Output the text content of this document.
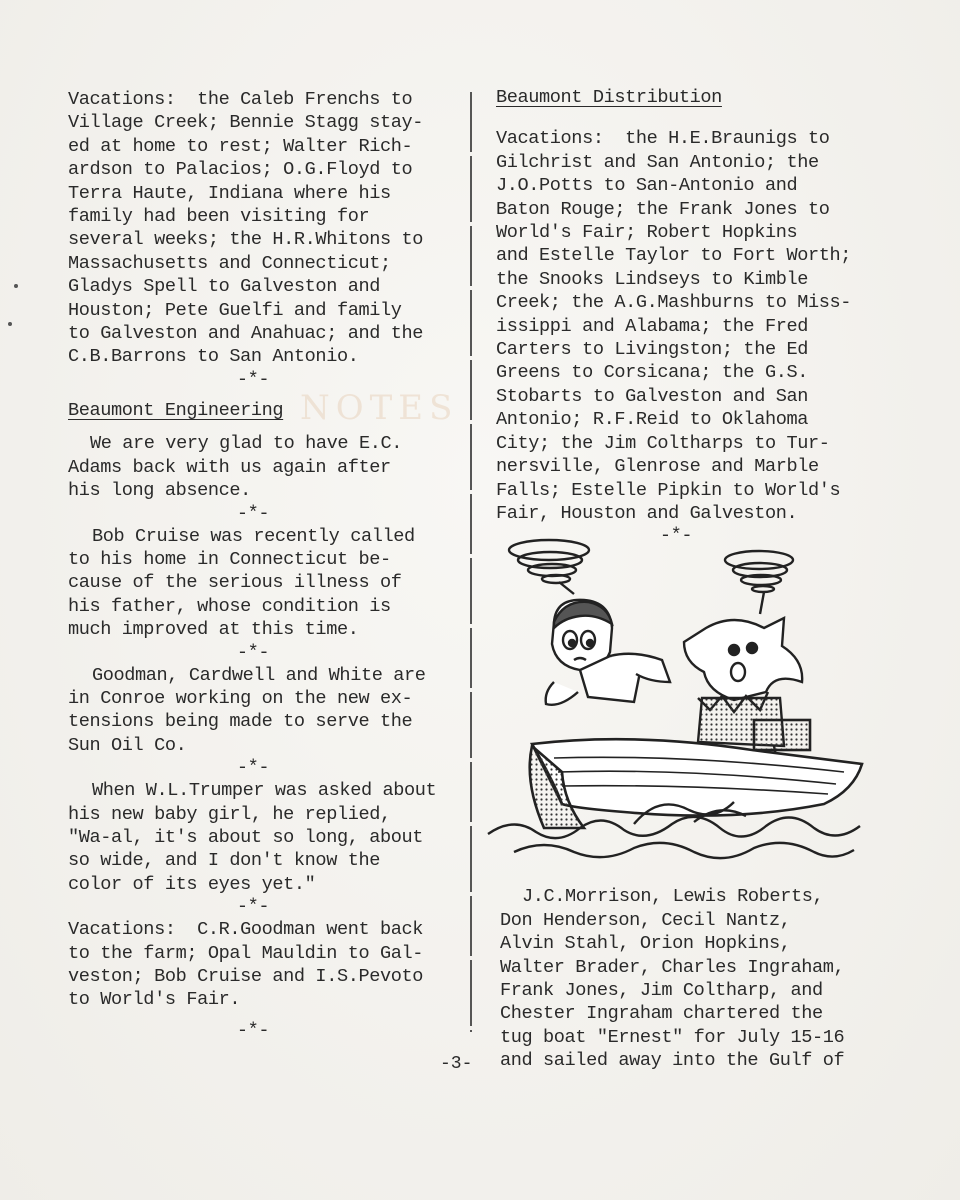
NOTES
Vacations:  the Caleb Frenchs to
Village Creek; Bennie Stagg stay-
ed at home to rest; Walter Rich-
ardson to Palacios; O.G.Floyd to
Terra Haute, Indiana where his
family had been visiting for
several weeks; the H.R.Whitons to
Massachusetts and Connecticut;
Gladys Spell to Galveston and
Houston; Pete Guelfi and family
to Galveston and Anahuac; and the
C.B.Barrons to San Antonio.
-*-
Beaumont Engineering
We are very glad to have E.C.
Adams back with us again after
his long absence.
-*-
Bob Cruise was recently called
to his home in Connecticut be-
cause of the serious illness of
his father, whose condition is
much improved at this time.
-*-
Goodman, Cardwell and White are
in Conroe working on the new ex-
tensions being made to serve the
Sun Oil Co.
-*-
When W.L.Trumper was asked about
his new baby girl, he replied,
"Wa-al, it's about so long, about
so wide, and I don't know the
color of its eyes yet."
-*-
Vacations:  C.R.Goodman went back
to the farm; Opal Mauldin to Gal-
veston; Bob Cruise and I.S.Pevoto
to World's Fair.
-*-
Beaumont Distribution
Vacations:  the H.E.Braunigs to
Gilchrist and San Antonio; the
J.O.Potts to San-Antonio and
Baton Rouge; the Frank Jones to
World's Fair; Robert Hopkins
and Estelle Taylor to Fort Worth;
the Snooks Lindseys to Kimble
Creek; the A.G.Mashburns to Miss-
issippi and Alabama; the Fred
Carters to Livingston; the Ed
Greens to Corsicana; the G.S.
Stobarts to Galveston and San
Antonio; R.F.Reid to Oklahoma
City; the Jim Coltharps to Tur-
nersville, Glenrose and Marble
Falls; Estelle Pipkin to World's
Fair, Houston and Galveston.
-*-
J.C.Morrison, Lewis Roberts,
Don Henderson, Cecil Nantz,
Alvin Stahl, Orion Hopkins,
Walter Brader, Charles Ingraham,
Frank Jones, Jim Coltharp, and
Chester Ingraham chartered the
tug boat "Ernest" for July 15-16
and sailed away into the Gulf of
-3-
